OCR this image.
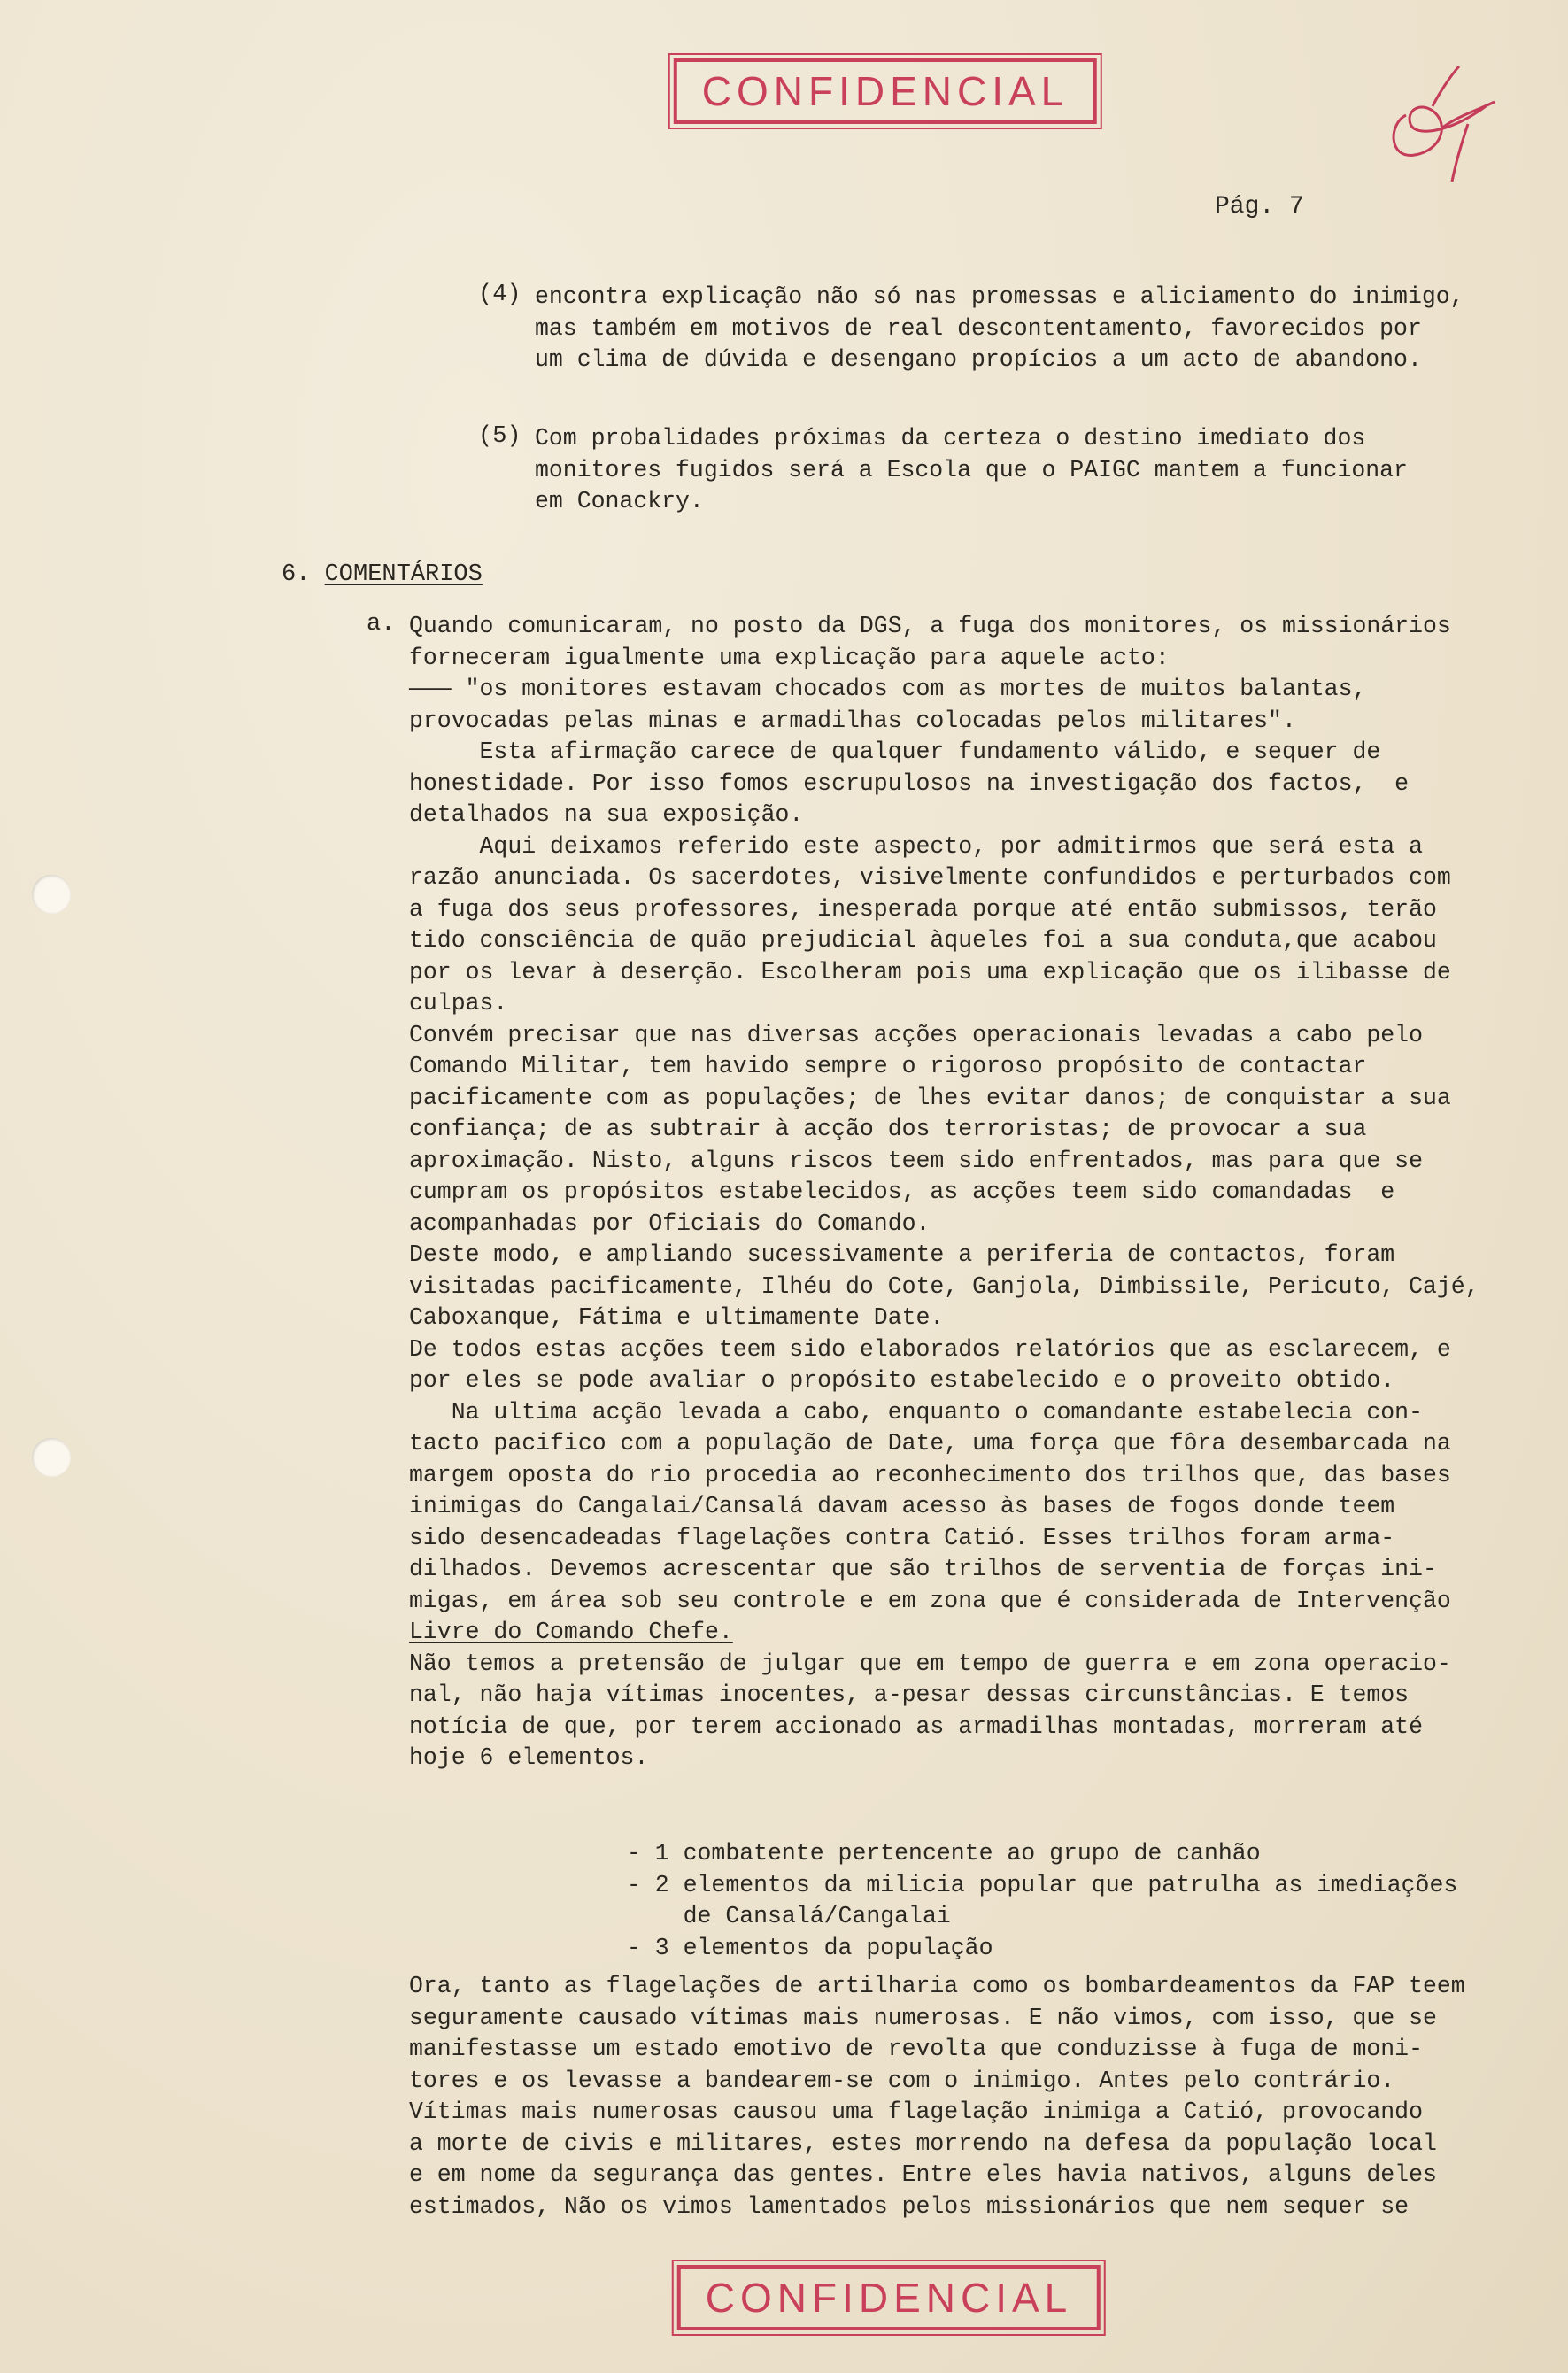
CONFIDENCIAL
Pág. 7
(4) encontra explicação não só nas promessas e aliciamento do inimigo,
mas também em motivos de real descontentamento, favorecidos por
um clima de dúvida e desengano propícios a um acto de abandono.
(5) Com probalidades próximas da certeza o destino imediato dos
monitores fugidos será a Escola que o PAIGC mantem a funcionar
em Conackry.
6. COMENTÁRIOS
a. Quando comunicaram, no posto da DGS, a fuga dos monitores, os missionários
forneceram igualmente uma explicação para aquele acto:
——— "os monitores estavam chocados com as mortes de muitos balantas,
provocadas pelas minas e armadilhas colocadas pelos militares".
Esta afirmação carece de qualquer fundamento válido, e sequer de
honestidade. Por isso fomos escrupulosos na investigação dos factos,  e
detalhados na sua exposição.
Aqui deixamos referido este aspecto, por admitirmos que será esta a
razão anunciada. Os sacerdotes, visivelmente confundidos e perturbados com
a fuga dos seus professores, inesperada porque até então submissos, terão
tido consciência de quão prejudicial àqueles foi a sua conduta,que acabou
por os levar à deserção. Escolheram pois uma explicação que os ilibasse de
culpas.
Convém precisar que nas diversas acções operacionais levadas a cabo pelo
Comando Militar, tem havido sempre o rigoroso propósito de contactar
pacificamente com as populações; de lhes evitar danos; de conquistar a sua
confiança; de as subtrair à acção dos terroristas; de provocar a sua
aproximação. Nisto, alguns riscos teem sido enfrentados, mas para que se
cumpram os propósitos estabelecidos, as acções teem sido comandadas  e
acompanhadas por Oficiais do Comando.
Deste modo, e ampliando sucessivamente a periferia de contactos, foram
visitadas pacificamente, Ilhéu do Cote, Ganjola, Dimbissile, Pericuto, Cajé,
Caboxanque, Fátima e ultimamente Date.
De todos estas acções teem sido elaborados relatórios que as esclarecem, e
por eles se pode avaliar o propósito estabelecido e o proveito obtido.
Na ultima acção levada a cabo, enquanto o comandante estabelecia con-
tacto pacifico com a população de Date, uma força que fôra desembarcada na
margem oposta do rio procedia ao reconhecimento dos trilhos que, das bases
inimigas do Cangalai/Cansalá davam acesso às bases de fogos donde teem
sido desencadeadas flagelações contra Catió. Esses trilhos foram arma-
dilhados. Devemos acrescentar que são trilhos de serventia de forças ini-
migas, em área sob seu controle e em zona que é considerada de Intervenção
Livre do Comando Chefe.
Não temos a pretensão de julgar que em tempo de guerra e em zona operacio-
nal, não haja vítimas inocentes, a-pesar dessas circunstâncias. E temos
notícia de que, por terem accionado as armadilhas montadas, morreram até
hoje 6 elementos.
- 1 combatente pertencente ao grupo de canhão
- 2 elementos da milicia popular que patrulha as imediações
de Cansalá/Cangalai
- 3 elementos da população
Ora, tanto as flagelações de artilharia como os bombardeamentos da FAP teem
seguramente causado vítimas mais numerosas. E não vimos, com isso, que se
manifestasse um estado emotivo de revolta que conduzisse à fuga de moni-
tores e os levasse a bandearem-se com o inimigo. Antes pelo contrário.
Vítimas mais numerosas causou uma flagelação inimiga a Catió, provocando
a morte de civis e militares, estes morrendo na defesa da população local
e em nome da segurança das gentes. Entre eles havia nativos, alguns deles
estimados, Não os vimos lamentados pelos missionários que nem sequer se
CONFIDENCIAL
